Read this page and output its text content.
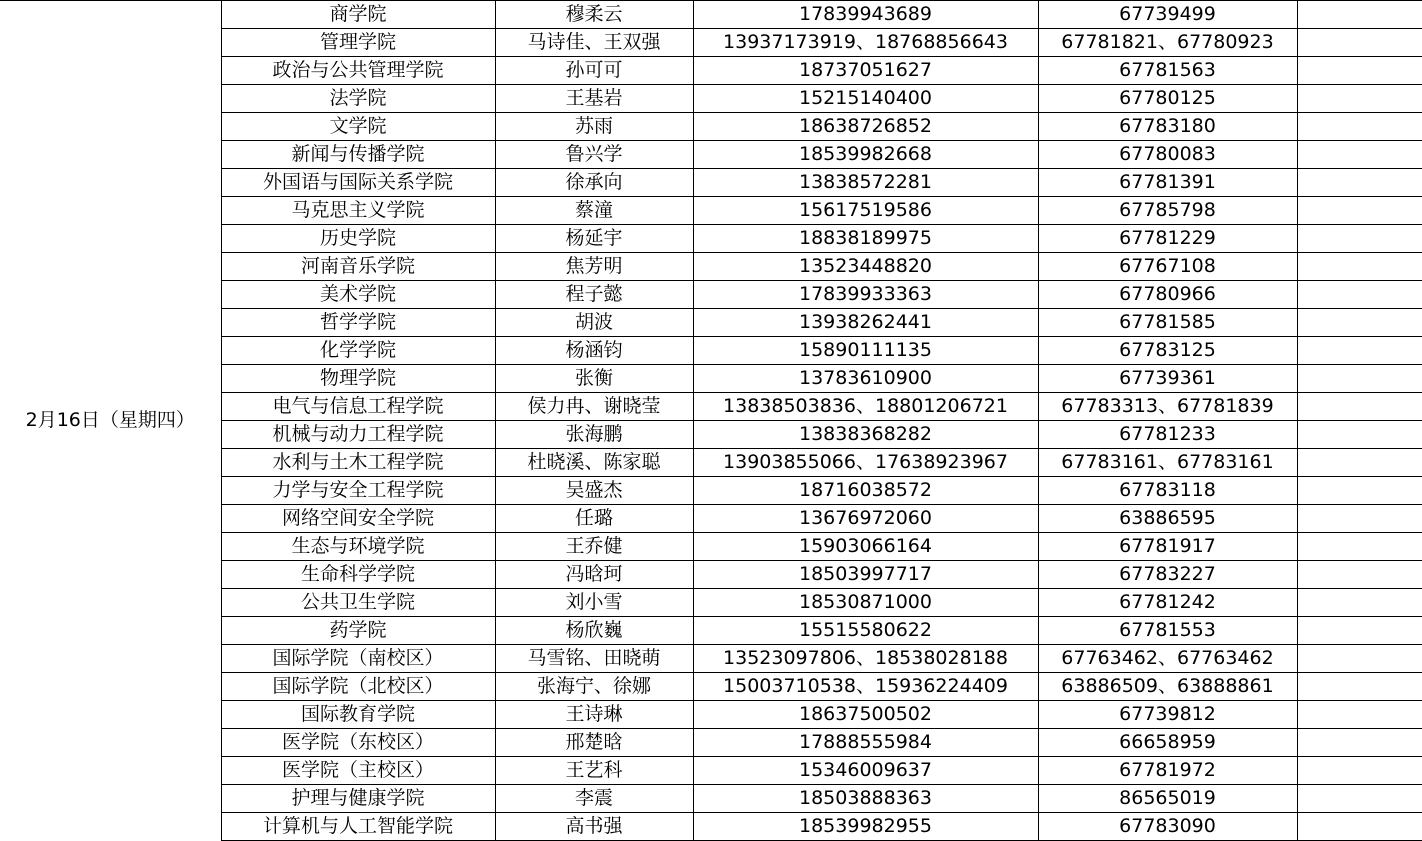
2月16日（星期四）	商学院	穆柔云	17839943689	67739499	
	管理学院	马诗佳、王双强	13937173919、18768856643	67781821、67780923	
	政治与公共管理学院	孙可可	18737051627	67781563	
	法学院	王基岩	15215140400	67780125	
	文学院	苏雨	18638726852	67783180	
	新闻与传播学院	鲁兴学	18539982668	67780083	
	外国语与国际关系学院	徐承向	13838572281	67781391	
	马克思主义学院	蔡潼	15617519586	67785798	
	历史学院	杨延宇	18838189975	67781229	
	河南音乐学院	焦芳明	13523448820	67767108	
	美术学院	程子懿	17839933363	67780966	
	哲学学院	胡波	13938262441	67781585	
	化学学院	杨涵钧	15890111135	67783125	
	物理学院	张衡	13783610900	67739361	
	电气与信息工程学院	侯力冉、谢晓莹	13838503836、18801206721	67783313、67781839	
	机械与动力工程学院	张海鹏	13838368282	67781233	
	水利与土木工程学院	杜晓溪、陈家聪	13903855066、17638923967	67783161、67783161	
	力学与安全工程学院	吴盛杰	18716038572	67783118	
	网络空间安全学院	任璐	13676972060	63886595	
	生态与环境学院	王乔健	15903066164	67781917	
	生命科学学院	冯晗珂	18503997717	67783227	
	公共卫生学院	刘小雪	18530871000	67781242	
	药学院	杨欣巍	15515580622	67781553	
	国际学院（南校区）	马雪铭、田晓萌	13523097806、18538028188	67763462、67763462	
	国际学院（北校区）	张海宁、徐娜	15003710538、15936224409	63886509、63888861	
	国际教育学院	王诗琳	18637500502	67739812	
	医学院（东校区）	邢楚晗	17888555984	66658959	
	医学院（主校区）	王艺科	15346009637	67781972	
	护理与健康学院	李震	18503888363	86565019	
	计算机与人工智能学院	高书强	18539982955	67783090	
